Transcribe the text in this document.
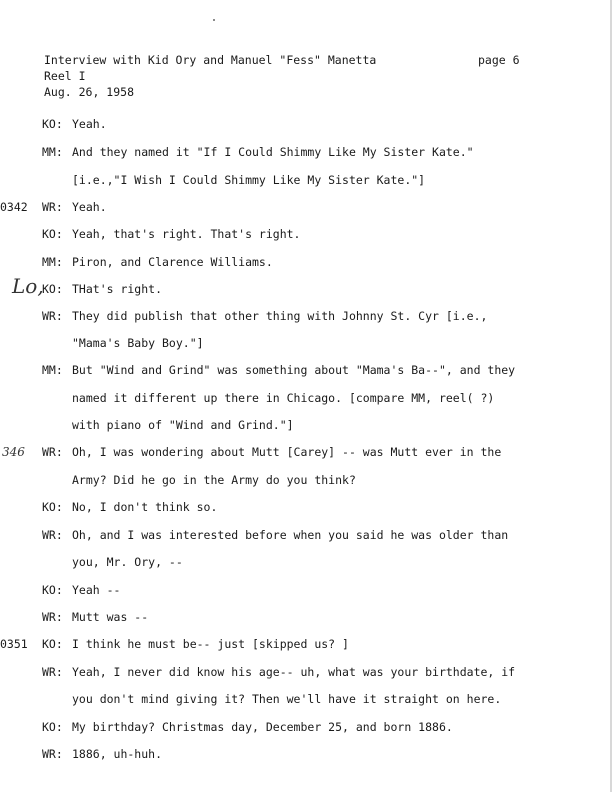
Interview with Kid Ory and Manuel "Fess" Manetta	page 6
Reel I
Aug. 26, 1958
KO: Yeah.
MM: And they named it "If I Could Shimmy Like My Sister Kate."
[i.e.,"I Wish I Could Shimmy Like My Sister Kate."]
0342 WR: Yeah.
KO: Yeah, that's right. That's right.
MM: Piron, and Clarence Williams.
Lo,
KO: THat's right.
WR: They did publish that other thing with Johnny St. Cyr [i.e.,
"Mama's Baby Boy."]
MM: But "Wind and Grind" was something about "Mama's Ba--", and they
named it different up there in Chicago. [compare MM, reel( ?)
with piano of "Wind and Grind."]
346 WR: Oh, I was wondering about Mutt [Carey] -- was Mutt ever in the
Army? Did he go in the Army do you think?
KO: No, I don't think so.
WR: Oh, and I was interested before when you said he was older than
you, Mr. Ory, --
KO: Yeah --
WR: Mutt was --
0351 KO: I think he must be-- just [skipped us? ]
WR: Yeah, I never did know his age-- uh, what was your birthdate, if
you don't mind giving it? Then we'll have it straight on here.
KO: My birthday? Christmas day, December 25, and born 1886.
WR: 1886, uh-huh.
